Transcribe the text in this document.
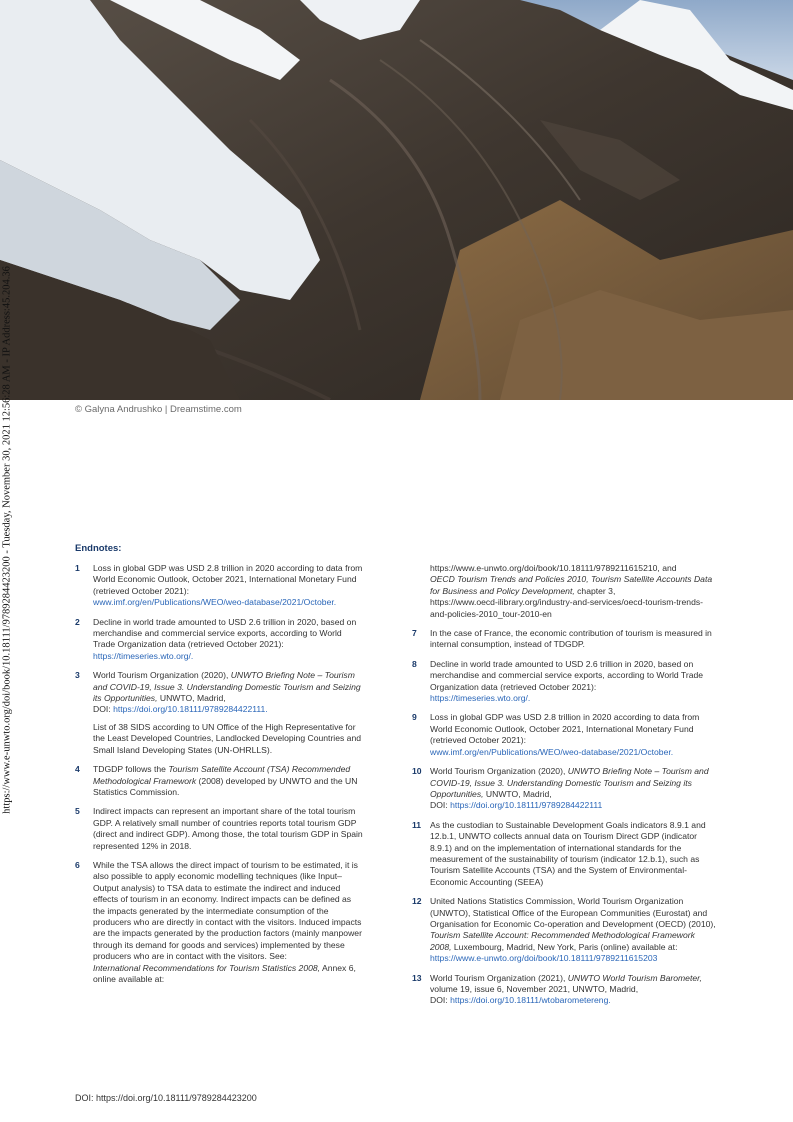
© Galyna Andrushko | Dreamstime.com
https://www.e-unwto.org/doi/book/10.18111/9789284423200 - Tuesday, November 30, 2021 12:56:28 AM - IP Address:45.204.36	Endnotes:
1 Loss in global GDP was USD 2.8 trillion in 2020 according to data from World Economic Outlook, October 2021, International Monetary Fund (retrieved October 2021):
www.imf.org/en/Publications/WEO/weo-database/2021/October.
2 Decline in world trade amounted to USD 2.6 trillion in 2020, based on merchandise and commercial service exports, according to World Trade Organization data (retrieved October 2021):
https://timeseries.wto.org/.
3 World Tourism Organization (2020), UNWTO Briefing Note – Tourism and COVID-19, Issue 3. Understanding Domestic Tourism and Seizing its Opportunities, UNWTO, Madrid,
DOI: https://doi.org/10.18111/9789284422111.
List of 38 SIDS according to UN Office of the High Representative for the Least Developed Countries, Landlocked Developing Countries and Small Island Developing States (UN-OHRLLS).
4 TDGDP follows the Tourism Satellite Account (TSA) Recommended Methodological Framework (2008) developed by UNWTO and the UN Statistics Commission.
5 Indirect impacts can represent an important share of the total tourism GDP. A relatively small number of countries reports total tourism GDP (direct and indirect GDP). Among those, the total tourism GDP in Spain represented 12% in 2018.
6 While the TSA allows the direct impact of tourism to be estimated, it is also possible to apply economic modelling techniques (like Input–Output analysis) to TSA data to estimate the indirect and induced effects of tourism in an economy. Indirect impacts can be defined as the impacts generated by the intermediate consumption of the producers who are directly in contact with the visitors. Induced impacts are the impacts generated by the production factors (mainly manpower through its demand for goods and services) implemented by these producers who are in contact with the visitors. See:
International Recommendations for Tourism Statistics 2008, Annex 6, online available at:
https://www.e-unwto.org/doi/book/10.18111/9789211615210, and
OECD Tourism Trends and Policies 2010, Tourism Satellite Accounts Data for Business and Policy Development, chapter 3,
https://www.oecd-ilibrary.org/industry-and-services/oecd-tourism-trends-and-policies-2010_tour-2010-en
7 In the case of France, the economic contribution of tourism is measured in internal consumption, instead of TDGDP.
8 Decline in world trade amounted to USD 2.6 trillion in 2020, based on merchandise and commercial service exports, according to World Trade Organization data (retrieved October 2021):
https://timeseries.wto.org/.
9 Loss in global GDP was USD 2.8 trillion in 2020 according to data from World Economic Outlook, October 2021, International Monetary Fund (retrieved October 2021):
www.imf.org/en/Publications/WEO/weo-database/2021/October.
10 World Tourism Organization (2020), UNWTO Briefing Note – Tourism and COVID-19, Issue 3. Understanding Domestic Tourism and Seizing its Opportunities, UNWTO, Madrid,
DOI: https://doi.org/10.18111/9789284422111
11 As the custodian to Sustainable Development Goals indicators 8.9.1 and 12.b.1, UNWTO collects annual data on Tourism Direct GDP (indicator 8.9.1) and on the implementation of international standards for the measurement of the sustainability of tourism (indicator 12.b.1), such as Tourism Satellite Accounts (TSA) and the System of Environmental-Economic Accounting (SEEA)
12 United Nations Statistics Commission, World Tourism Organization (UNWTO), Statistical Office of the European Communities (Eurostat) and Organisation for Economic Co-operation and Development (OECD) (2010), Tourism Satellite Account: Recommended Methodological Framework 2008, Luxembourg, Madrid, New York, Paris (online) available at:
https://www.e-unwto.org/doi/book/10.18111/9789211615203
13 World Tourism Organization (2021), UNWTO World Tourism Barometer, volume 19, issue 6, November 2021, UNWTO, Madrid,
DOI: https://doi.org/10.18111/wtobarometereng.
DOI: https://doi.org/10.18111/9789284423200
